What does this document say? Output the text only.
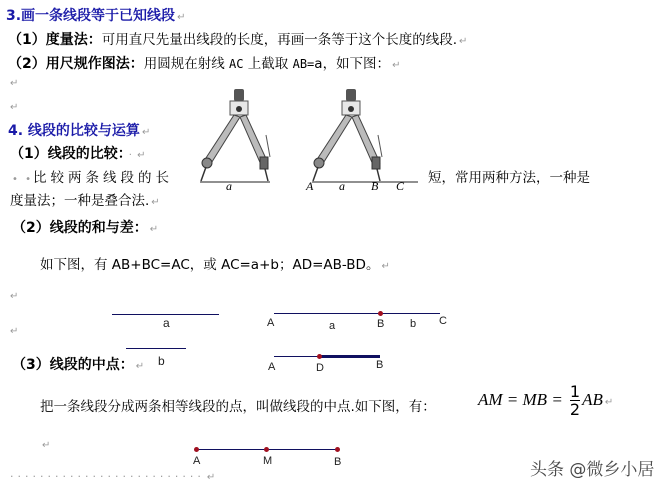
3.画一条线段等于已知线段 ↵
（1）度量法：可用直尺先量出线段的长度，再画一条等于这个长度的线段. ↵
（2）用尺规作图法：用圆规在射线 AC 上截取 AB=a，如下图： ↵
↵
↵
a	A a B C
4. 线段的比较与运算 ↵
（1）线段的比较： · ↵
• •比较两条线段的长	短，常用两种方法，一种是
度量法；一种是叠合法. ↵
（2）线段的和与差： ↵
如下图，有 AB+BC=AC，或 AC=a+b；AD=AB-BD。 ↵
↵
↵
a	A	a	B b C
A	D	B
（3）线段的中点： ↵ b
把一条线段分成两条相等线段的点，叫做线段的中点.如下图，有： AM = MB = $\frac{1}{2}$ AB ↵
↵
A	M	B
·························· ↵	头条 @微乡小居
